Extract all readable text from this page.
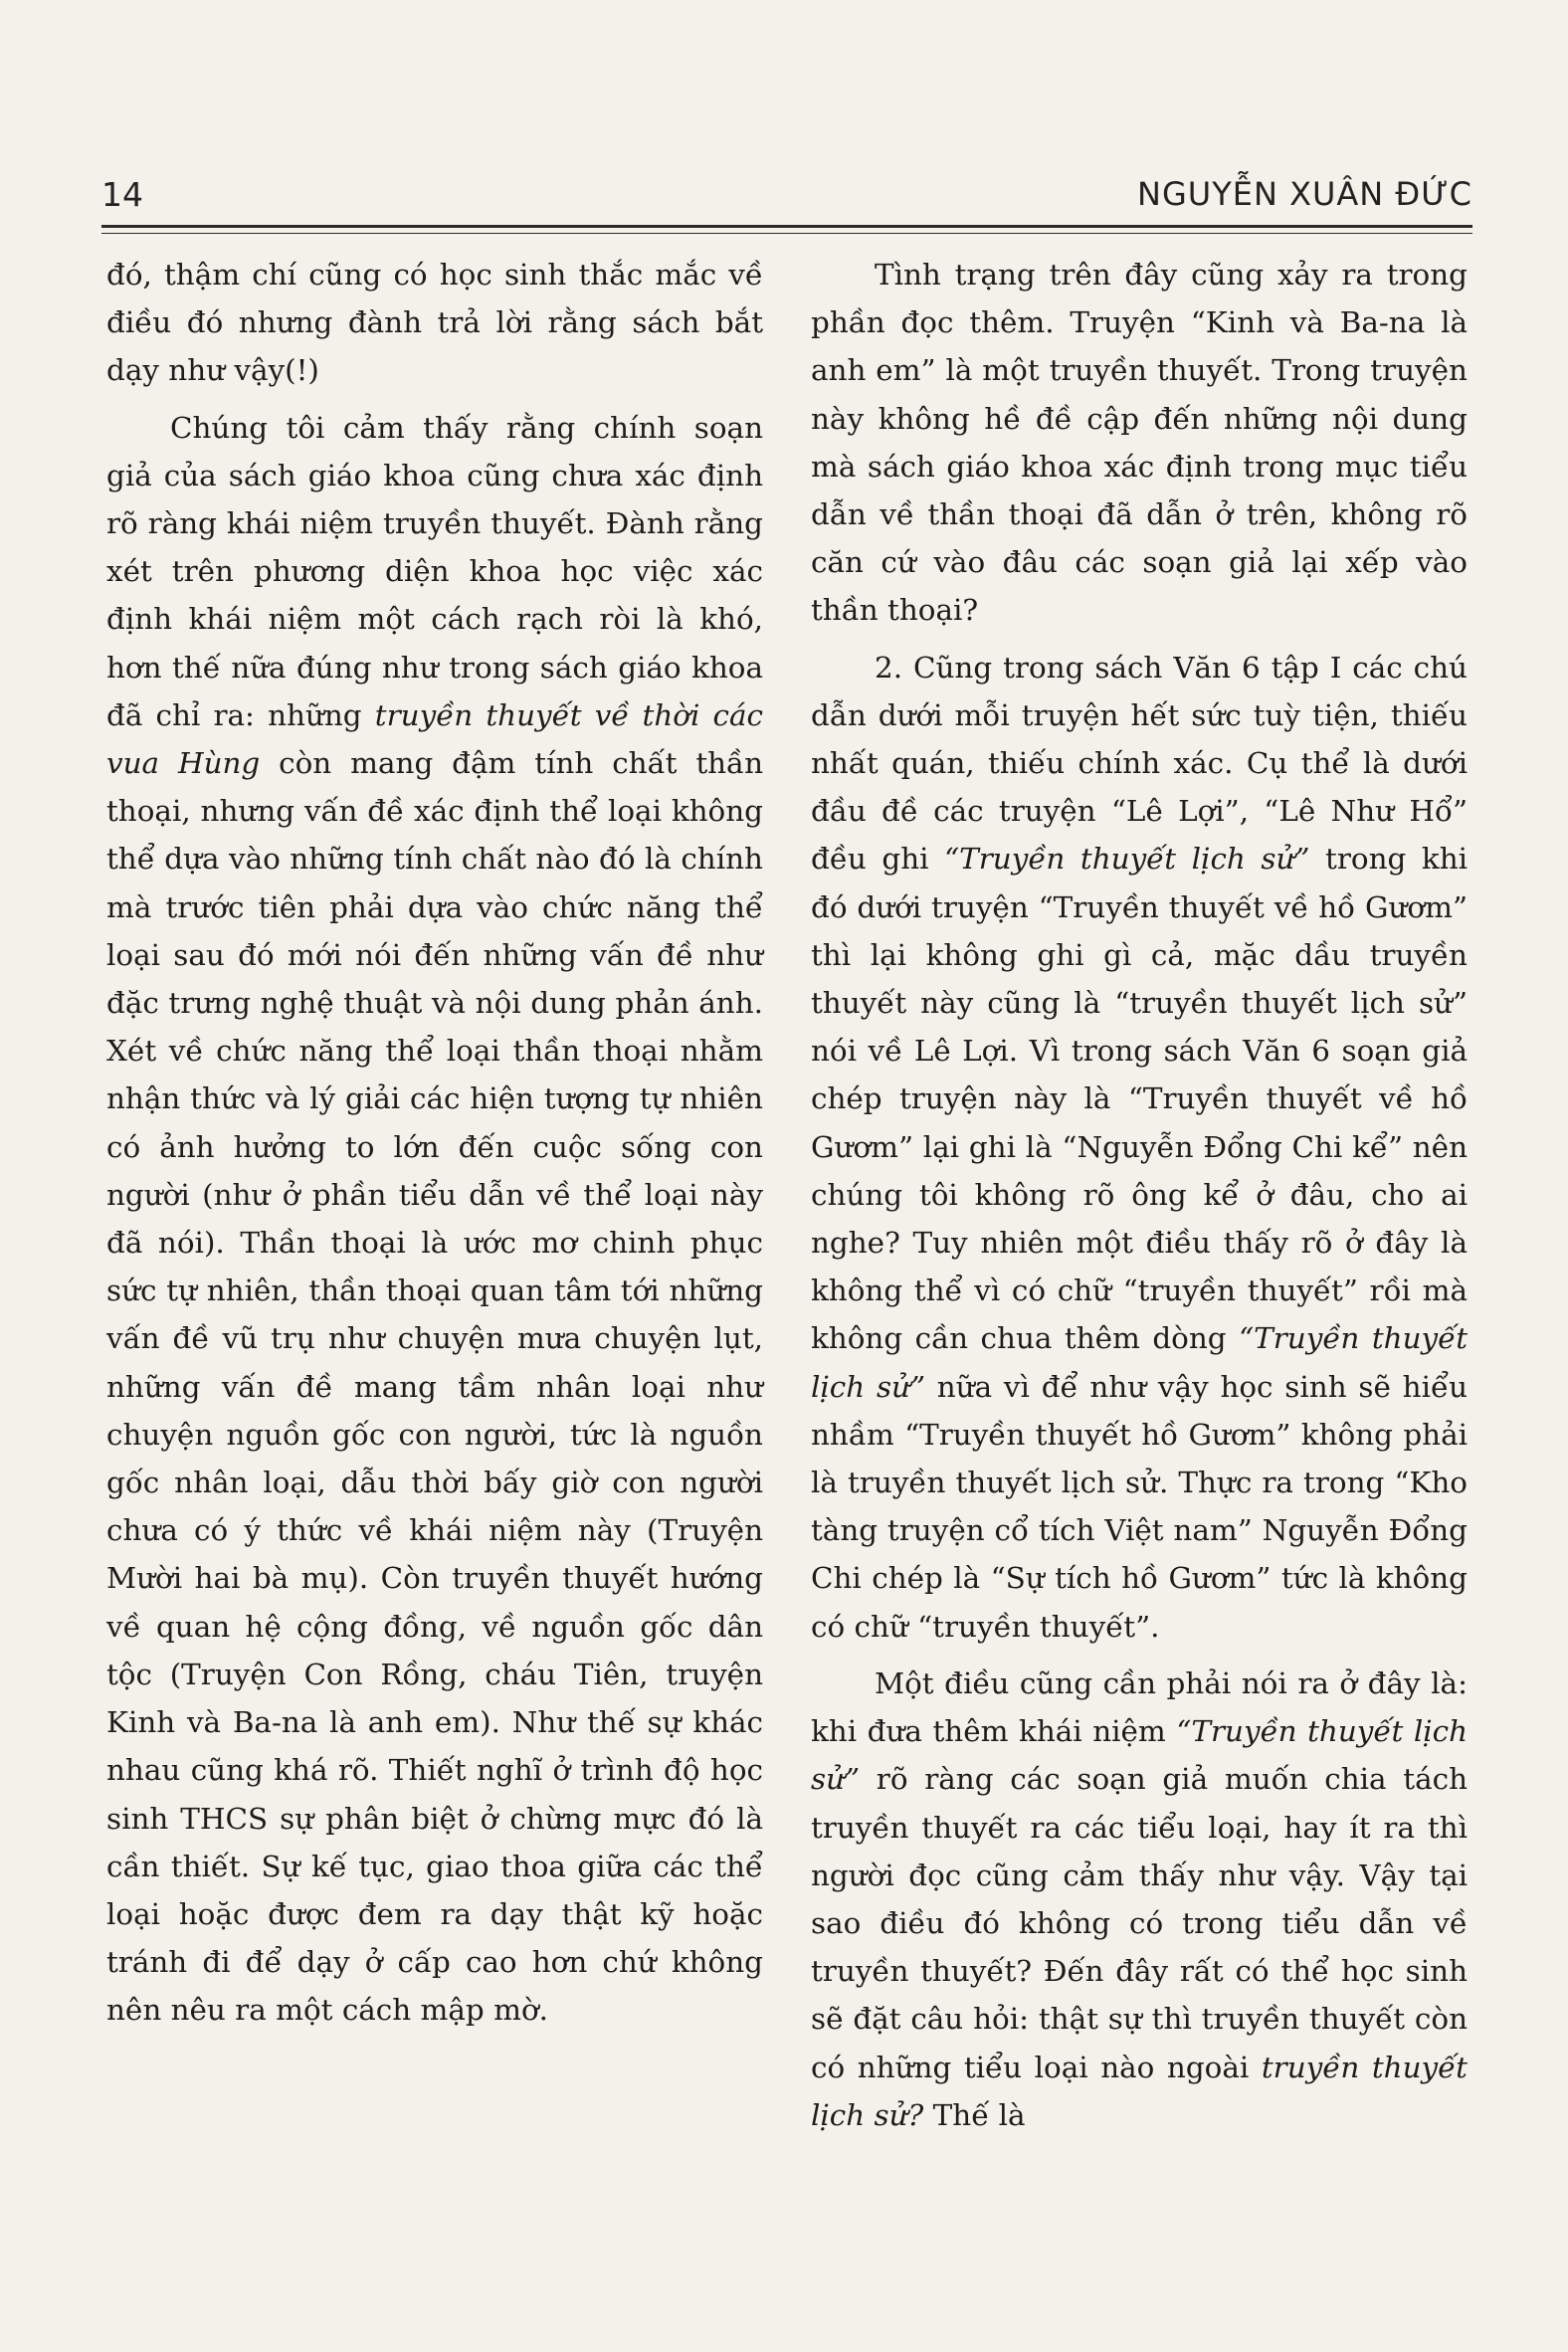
14	NGUYỄN XUÂN ĐỨC

đó, thậm chí cũng có học sinh thắc mắc về điều đó nhưng đành trả lời rằng sách bắt dạy như vậy(!)

Chúng tôi cảm thấy rằng chính soạn giả của sách giáo khoa cũng chưa xác định rõ ràng khái niệm truyền thuyết. Đành rằng xét trên phương diện khoa học việc xác định khái niệm một cách rạch ròi là khó, hơn thế nữa đúng như trong sách giáo khoa đã chỉ ra: những truyền thuyết về thời các vua Hùng còn mang đậm tính chất thần thoại, nhưng vấn đề xác định thể loại không thể dựa vào những tính chất nào đó là chính mà trước tiên phải dựa vào chức năng thể loại sau đó mới nói đến những vấn đề như đặc trưng nghệ thuật và nội dung phản ánh. Xét về chức năng thể loại thần thoại nhằm nhận thức và lý giải các hiện tượng tự nhiên có ảnh hưởng to lớn đến cuộc sống con người (như ở phần tiểu dẫn về thể loại này đã nói). Thần thoại là ước mơ chinh phục sức tự nhiên, thần thoại quan tâm tới những vấn đề vũ trụ như chuyện mưa chuyện lụt, những vấn đề mang tầm nhân loại như chuyện nguồn gốc con người, tức là nguồn gốc nhân loại, dẫu thời bấy giờ con người chưa có ý thức về khái niệm này (Truyện Mười hai bà mụ). Còn truyền thuyết hướng về quan hệ cộng đồng, về nguồn gốc dân tộc (Truyện Con Rồng, cháu Tiên, truyện Kinh và Ba-na là anh em). Như thế sự khác nhau cũng khá rõ. Thiết nghĩ ở trình độ học sinh THCS sự phân biệt ở chừng mực đó là cần thiết. Sự kế tục, giao thoa giữa các thể loại hoặc được đem ra dạy thật kỹ hoặc tránh đi để dạy ở cấp cao hơn chứ không nên nêu ra một cách mập mờ.

Tình trạng trên đây cũng xảy ra trong phần đọc thêm. Truyện “Kinh và Ba-na là anh em” là một truyền thuyết. Trong truyện này không hề đề cập đến những nội dung mà sách giáo khoa xác định trong mục tiểu dẫn về thần thoại đã dẫn ở trên, không rõ căn cứ vào đâu các soạn giả lại xếp vào thần thoại?

2. Cũng trong sách Văn 6 tập I các chú dẫn dưới mỗi truyện hết sức tuỳ tiện, thiếu nhất quán, thiếu chính xác. Cụ thể là dưới đầu đề các truyện “Lê Lợi”, “Lê Như Hổ” đều ghi “Truyền thuyết lịch sử” trong khi đó dưới truyện “Truyền thuyết về hồ Gươm” thì lại không ghi gì cả, mặc dầu truyền thuyết này cũng là “truyền thuyết lịch sử” nói về Lê Lợi. Vì trong sách Văn 6 soạn giả chép truyện này là “Truyền thuyết về hồ Gươm” lại ghi là “Nguyễn Đổng Chi kể” nên chúng tôi không rõ ông kể ở đâu, cho ai nghe? Tuy nhiên một điều thấy rõ ở đây là không thể vì có chữ “truyền thuyết” rồi mà không cần chua thêm dòng “Truyền thuyết lịch sử” nữa vì để như vậy học sinh sẽ hiểu nhầm “Truyền thuyết hồ Gươm” không phải là truyền thuyết lịch sử. Thực ra trong “Kho tàng truyện cổ tích Việt nam” Nguyễn Đổng Chi chép là “Sự tích hồ Gươm” tức là không có chữ “truyền thuyết”.

Một điều cũng cần phải nói ra ở đây là: khi đưa thêm khái niệm “Truyền thuyết lịch sử” rõ ràng các soạn giả muốn chia tách truyền thuyết ra các tiểu loại, hay ít ra thì người đọc cũng cảm thấy như vậy. Vậy tại sao điều đó không có trong tiểu dẫn về truyền thuyết? Đến đây rất có thể học sinh sẽ đặt câu hỏi: thật sự thì truyền thuyết còn có những tiểu loại nào ngoài truyền thuyết lịch sử? Thế là
